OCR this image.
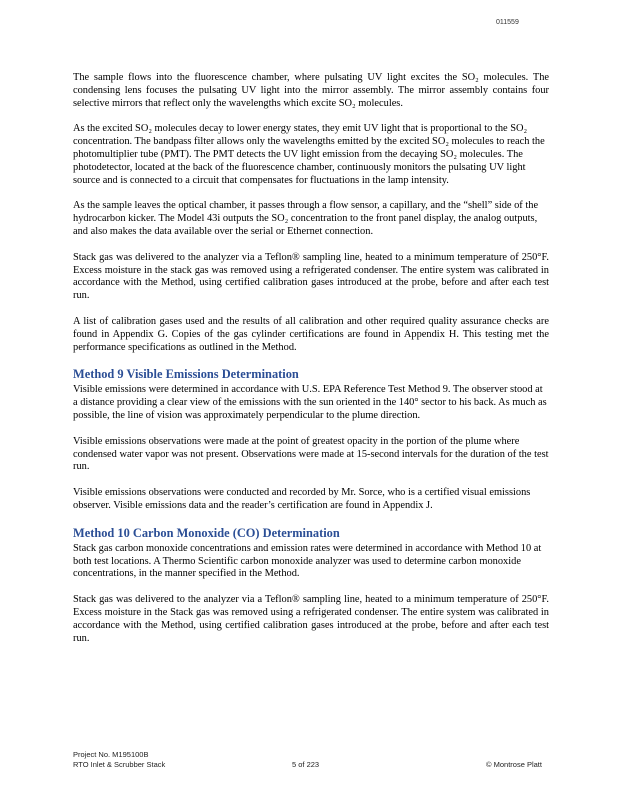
011559

The sample flows into the fluorescence chamber, where pulsating UV light excites the SO₂ molecules. The condensing lens focuses the pulsating UV light into the mirror assembly. The mirror assembly contains four selective mirrors that reflect only the wavelengths which excite SO₂ molecules.

As the excited SO₂ molecules decay to lower energy states, they emit UV light that is proportional to the SO₂ concentration. The bandpass filter allows only the wavelengths emitted by the excited SO₂ molecules to reach the photomultiplier tube (PMT). The PMT detects the UV light emission from the decaying SO₂ molecules. The photodetector, located at the back of the fluorescence chamber, continuously monitors the pulsating UV light source and is connected to a circuit that compensates for fluctuations in the lamp intensity.

As the sample leaves the optical chamber, it passes through a flow sensor, a capillary, and the “shell” side of the hydrocarbon kicker. The Model 43i outputs the SO₂ concentration to the front panel display, the analog outputs, and also makes the data available over the serial or Ethernet connection.

Stack gas was delivered to the analyzer via a Teflon® sampling line, heated to a minimum temperature of 250°F. Excess moisture in the stack gas was removed using a refrigerated condenser. The entire system was calibrated in accordance with the Method, using certified calibration gases introduced at the probe, before and after each test run.

A list of calibration gases used and the results of all calibration and other required quality assurance checks are found in Appendix G. Copies of the gas cylinder certifications are found in Appendix H. This testing met the performance specifications as outlined in the Method.

Method 9 Visible Emissions Determination

Visible emissions were determined in accordance with U.S. EPA Reference Test Method 9. The observer stood at a distance providing a clear view of the emissions with the sun oriented in the 140° sector to his back. As much as possible, the line of vision was approximately perpendicular to the plume direction.

Visible emissions observations were made at the point of greatest opacity in the portion of the plume where condensed water vapor was not present. Observations were made at 15-second intervals for the duration of the test run.

Visible emissions observations were conducted and recorded by Mr. Sorce, who is a certified visual emissions observer. Visible emissions data and the reader’s certification are found in Appendix J.

Method 10 Carbon Monoxide (CO) Determination

Stack gas carbon monoxide concentrations and emission rates were determined in accordance with Method 10 at both test locations. A Thermo Scientific carbon monoxide analyzer was used to determine carbon monoxide concentrations, in the manner specified in the Method.

Stack gas was delivered to the analyzer via a Teflon® sampling line, heated to a minimum temperature of 250°F. Excess moisture in the Stack gas was removed using a refrigerated condenser. The entire system was calibrated in accordance with the Method, using certified calibration gases introduced at the probe, before and after each test run.

Project No. M195100B
RTO Inlet & Scrubber Stack	5 of 223	© Montrose Platt
